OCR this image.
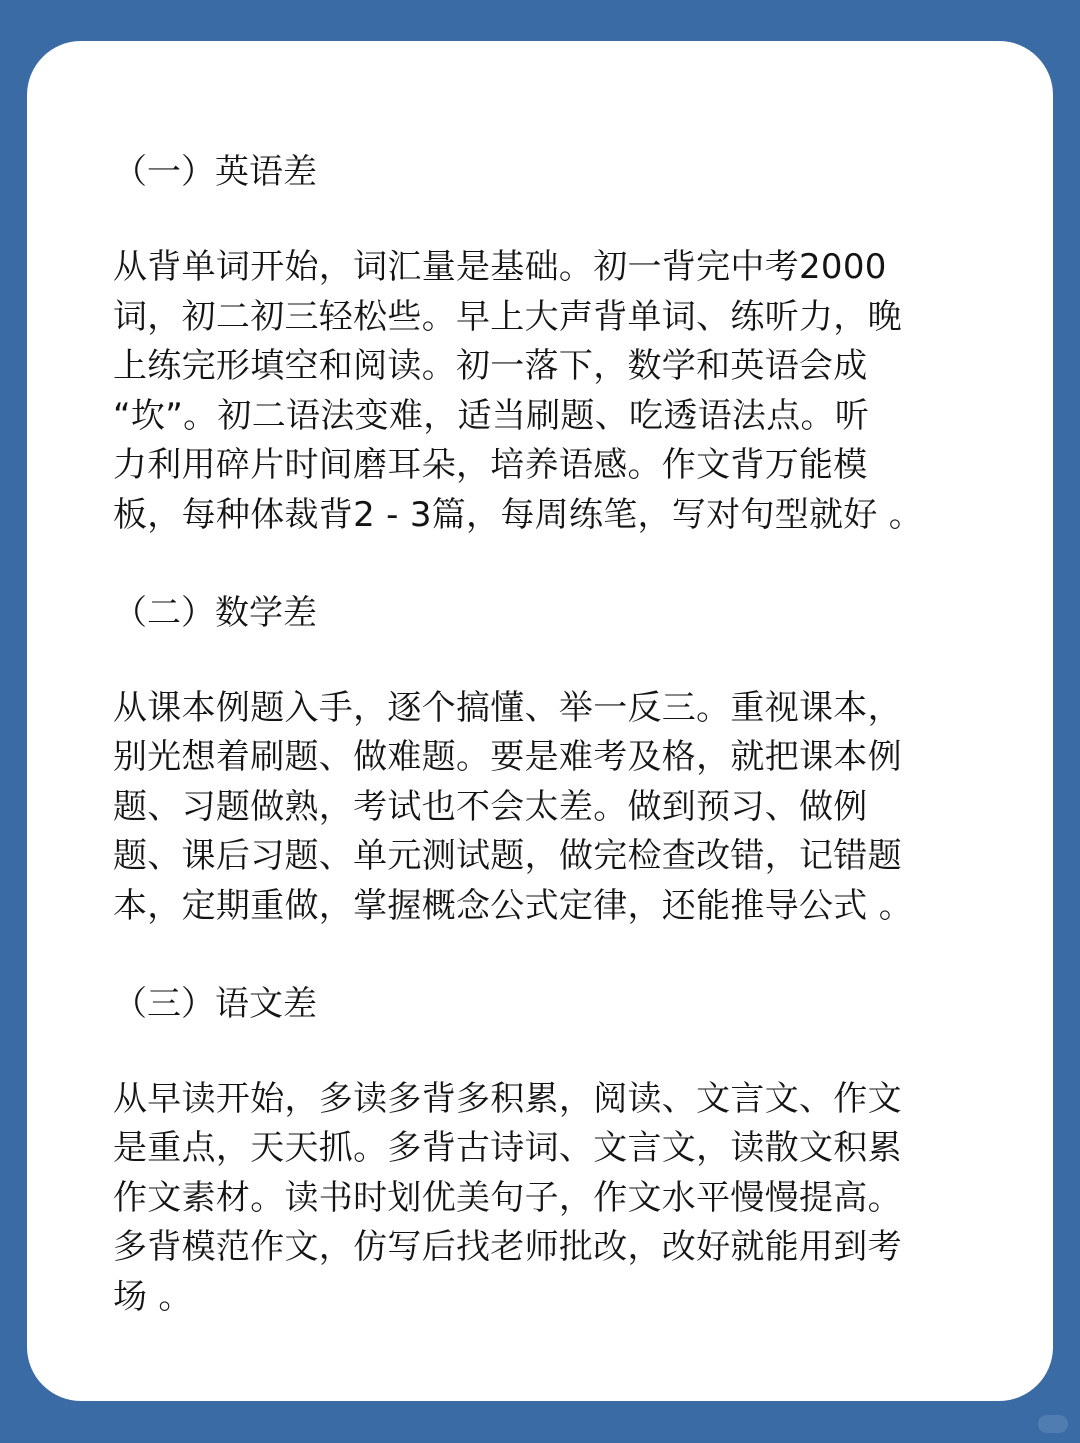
（一）英语差
从背单词开始，词汇量是基础。初一背完中考2000
词，初二初三轻松些。早上大声背单词、练听力，晚
上练完形填空和阅读。初一落下，数学和英语会成
“坎”。初二语法变难，适当刷题、吃透语法点。听
力利用碎片时间磨耳朵，培养语感。作文背万能模
板，每种体裁背2 - 3篇，每周练笔，写对句型就好 。
（二）数学差
从课本例题入手，逐个搞懂、举一反三。重视课本，
别光想着刷题、做难题。要是难考及格，就把课本例
题、习题做熟，考试也不会太差。做到预习、做例
题、课后习题、单元测试题，做完检查改错，记错题
本，定期重做，掌握概念公式定律，还能推导公式 。
（三）语文差
从早读开始，多读多背多积累，阅读、文言文、作文
是重点，天天抓。多背古诗词、文言文，读散文积累
作文素材。读书时划优美句子，作文水平慢慢提高。
多背模范作文，仿写后找老师批改，改好就能用到考
场 。
